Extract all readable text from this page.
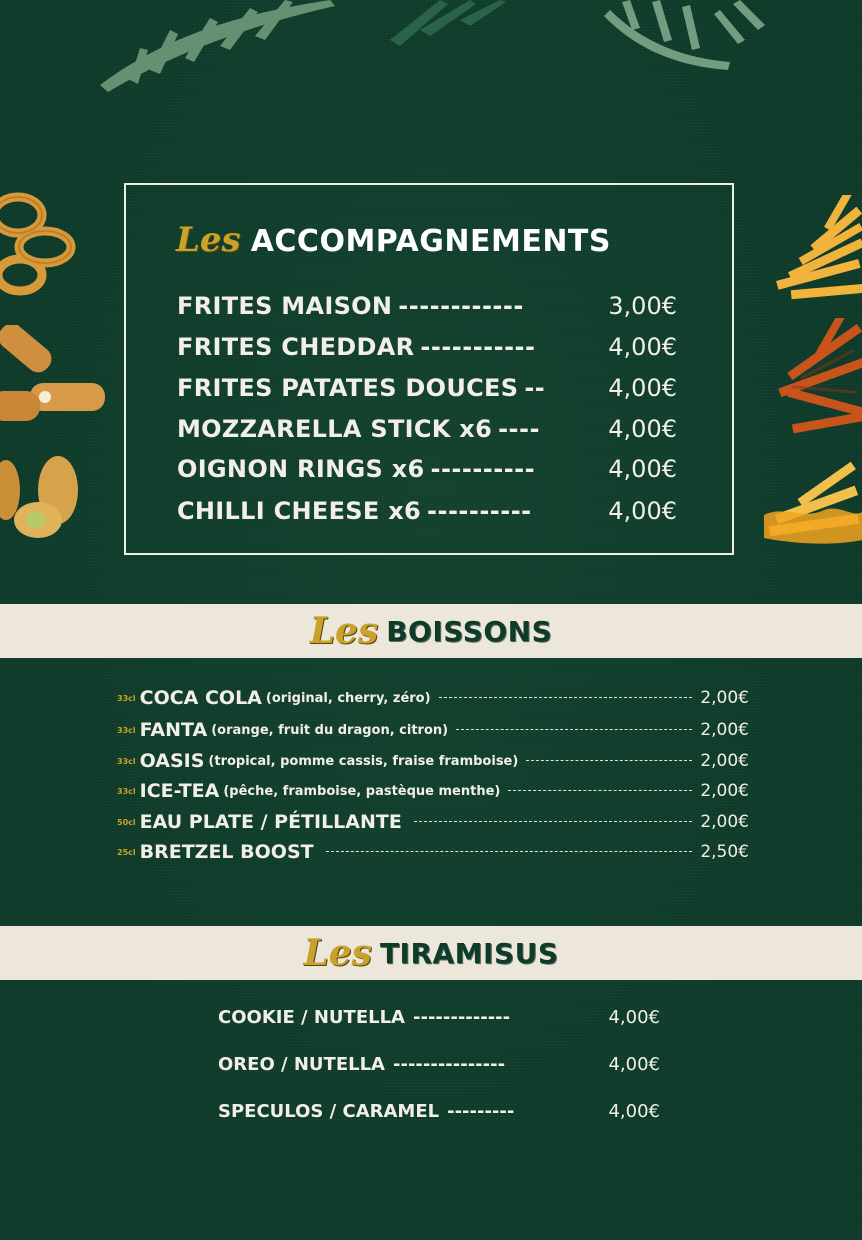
Les ACCOMPAGNEMENTS
FRITES MAISON ------------	3,00€
FRITES CHEDDAR -----------	4,00€
FRITES PATATES DOUCES --	4,00€
MOZZARELLA STICK x6 ----	4,00€
OIGNON RINGS x6 ----------	4,00€
CHILLI CHEESE x6 ----------	4,00€
Les BOISSONS
33cl COCA COLA (original, cherry, zéro)	2,00€
33cl FANTA (orange, fruit du dragon, citron)	2,00€
33cl OASIS (tropical, pomme cassis, fraise framboise)	2,00€
33cl ICE-TEA (pêche, framboise, pastèque menthe)	2,00€
50cl EAU PLATE / PÉTILLANTE	2,00€
25cl BRETZEL BOOST	2,50€
Les TIRAMISUS
COOKIE / NUTELLA -------------	4,00€
OREO / NUTELLA ---------------	4,00€
SPECULOS / CARAMEL ---------	4,00€
